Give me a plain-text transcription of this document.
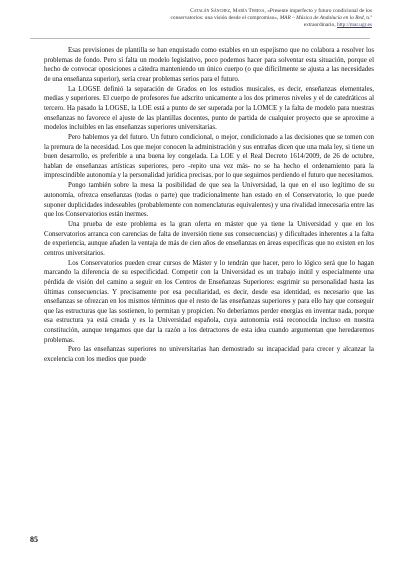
Catalán Sánchez, María Teresa, «Presente imperfecto y futuro condicional de los
conservatorios: una visión desde el compromiso», MAR – Música de Andalucía en la Red, n.º
extraordinario, http://mar.ugr.es

Esas previsiones de plantilla se han enquistado como estables en un espejismo que no colabora a resolver los problemas de fondo. Pero sí falta un modelo legislativo, poco podemos hacer para solventar esta situación, porque el hecho de convocar oposiciones a cátedra manteniendo un único cuerpo (o que difícilmente se ajusta a las necesidades de una enseñanza superior), sería crear problemas serios para el futuro.

La LOGSE definió la separación de Grados en los estudios musicales, es decir, enseñanzas elementales, medias y superiores. El cuerpo de profesores fue adscrito unicamente a los dos primeros niveles y el de catedráticos al tercero. Ha pasado la LOGSE, la LOE está a punto de ser superada por la LOMCE y la falta de modelo para nuestras enseñanzas no favorece el ajuste de las plantillas docentes, punto de partida de cualquier proyecto que se aproxime a modelos incluibles en las enseñanzas superiores universitarias.

Pero hablemos ya del futuro. Un futuro condicional, o mejor, condicionado a las decisiones que se tomen con la premura de la necesidad. Los que mejor conocen la administración y sus entrañas dicen que una mala ley, si tiene un buen desarrollo, es preferible a una buena ley congelada. La LOE y el Real Decreto 1614/2009, de 26 de octubre, hablan de enseñanzas artísticas superiores, pero -repito una vez más- no se ha hecho el ordenamiento para la imprescindible autonomía y la personalidad jurídica precisas, por lo que seguimos perdiendo el futuro que necesitamos.

Pongo también sobre la mesa la posibilidad de que sea la Universidad, la que en el uso legítimo de su autonomía, ofrezca enseñanzas (todas o parte) que tradicionalmente han estado en el Conservatorio, lo que puede suponer duplicidades indeseables (probablemente con nomenclaturas equivalentes) y una rivalidad innecesaria entre las que los Conservatorios están inermes.

Una prueba de este problema es la gran oferta en máster que ya tiene la Universidad y que en los Conservatorios arranca con carencias de falta de inversión tiene sus consecuencias) y dificultades inherentes a la falta de experiencia, aunque añaden la ventaja de más de cien años de enseñanzas en áreas específicas que no existen en los centros universitarios.

Los Conservatorios pueden crear cursos de Máster y lo tendrán que hacer, pero lo lógico será que lo hagan marcando la diferencia de su especificidad. Competir con la Universidad es un trabajo inútil y especialmente una pérdida de visión del camino a seguir en los Centros de Enseñanzas Superiores: esgrimir su personalidad hasta las últimas consecuencias. Y precisamente por esa peculiaridad, es decir, desde esa identidad, es necesario que las enseñanzas se ofrezcan en los mismos términos que el resto de las enseñanzas superiores y para ello hay que conseguir que las estructuras que las sostienen, lo permitan y propicien. No deberíamos perder energías en inventar nada, porque esa estructura ya está creada y es la Universidad española, cuya autonomía está reconocida incluso en nuestra constitución, aunque tengamos que dar la razón a los detractores de esta idea cuando argumentan que heredaremos problemas.

Pero las enseñanzas superiores no universitarias han demostrado su incapacidad para crecer y alcanzar la excelencia con los medios que puede

85
